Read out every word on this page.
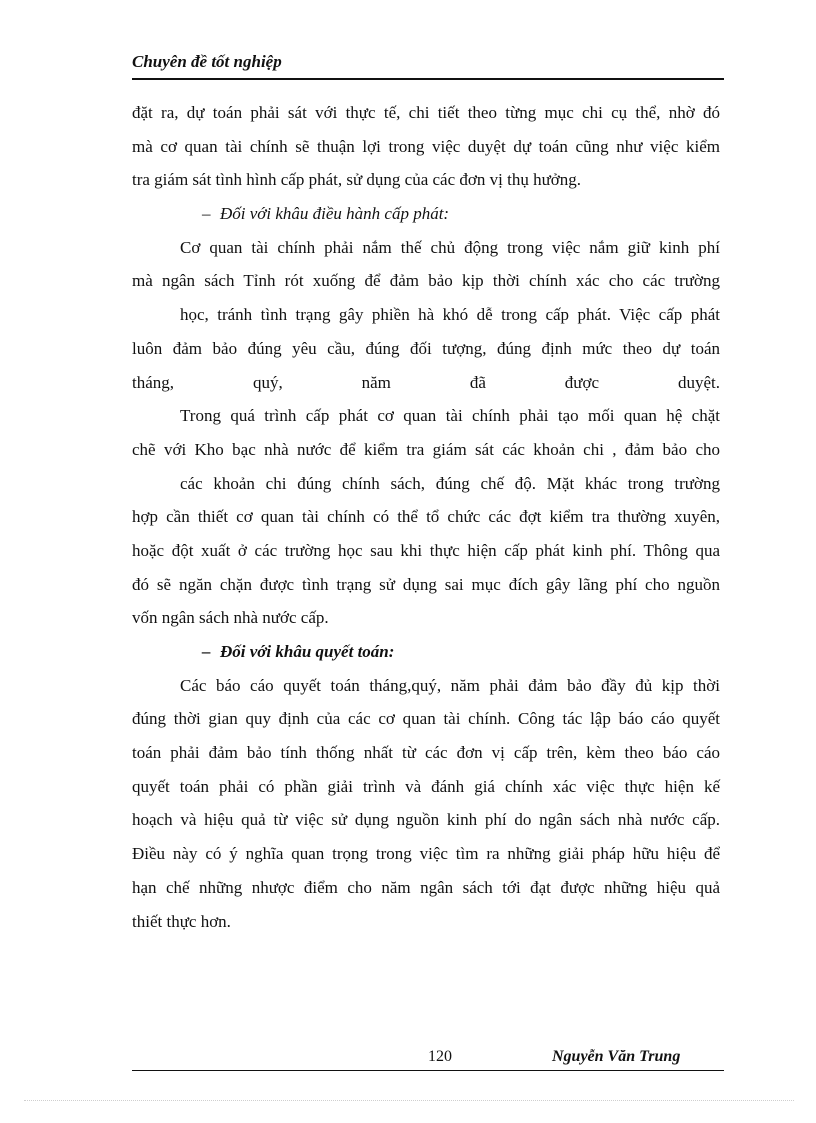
Chuyên đề tốt nghiệp
đặt ra, dự toán phải sát với thực tế, chi tiết theo từng mục chi cụ thể, nhờ đó
mà cơ quan tài chính sẽ thuận lợi trong việc duyệt dự toán cũng như việc kiểm
tra giám sát tình hình cấp phát, sử dụng của các đơn vị thụ hưởng.
– Đối với khâu điều hành cấp phát:
Cơ quan tài chính phải nắm thế chủ động trong việc nắm giữ kinh phí
mà ngân sách Tỉnh rót xuống để đảm bảo kịp thời chính xác cho các trường
học, tránh tình trạng gây phiền hà khó dễ trong cấp phát. Việc cấp phát
luôn đảm bảo đúng yêu cầu, đúng đối tượng, đúng định mức theo dự toán
tháng, quý, năm đã được duyệt.
Trong quá trình cấp phát cơ quan tài chính phải tạo mối quan hệ chặt
chẽ với Kho bạc nhà nước để kiểm tra giám sát các khoản chi , đảm bảo cho
các khoản chi đúng chính sách, đúng chế độ. Mặt khác trong trường
hợp cần thiết cơ quan tài chính có thể tổ chức các đợt kiểm tra thường xuyên,
hoặc đột xuất ở các trường học sau khi thực hiện cấp phát kinh phí. Thông qua
đó sẽ ngăn chặn được tình trạng sử dụng sai mục đích gây lãng phí cho nguồn
vốn ngân sách nhà nước cấp.
– Đối với khâu quyết toán:
Các báo cáo quyết toán tháng,quý, năm phải đảm bảo đầy đủ kịp thời
đúng thời gian quy định của các cơ quan tài chính. Công tác lập báo cáo quyết
toán phải đảm bảo tính thống nhất từ các đơn vị cấp trên, kèm theo báo cáo
quyết toán phải có phần giải trình và đánh giá chính xác việc thực hiện kế
hoạch và hiệu quả từ việc sử dụng nguồn kinh phí do ngân sách nhà nước cấp.
Điều này có ý nghĩa quan trọng trong việc tìm ra những giải pháp hữu hiệu để
hạn chế những nhược điểm cho năm ngân sách tới đạt được những hiệu quả
thiết thực hơn.
120	Nguyễn Văn Trung
